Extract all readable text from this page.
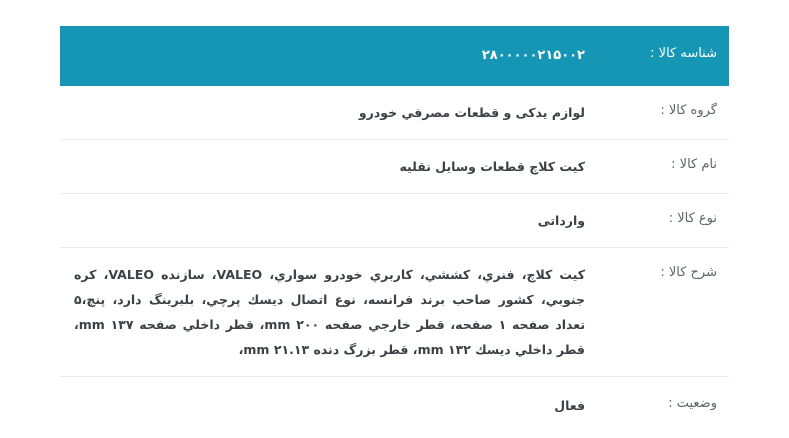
شناسه کالا :	۲۸۰۰۰۰۰۲۱۵۰۰۲

گروه کالا :	لوازم یدکی و قطعات مصرفي خودرو

نام کالا :	کیت کلاچ قطعات وسایل نقلیه

نوع کالا :	وارداتی

شرح کالا :	کیت کلاچ، فنري، کششي، کاربري خودرو سواري، VALEO، سازنده VALEO، کره جنوبي، کشور صاحب برند فرانسه، نوع اتصال دیسك پرچي، بلبرینگ دارد، پنچ،۵ تعداد صفحه ۱ صفحه، قطر خارجي صفحه ۲۰۰ mm، قطر داخلي صفحه ۱۳۷ mm، قطر داخلي دیسك ۱۳۲ mm، قطر بزرگ دنده ۲۱.۱۳ mm،

وضعیت :	فعال
